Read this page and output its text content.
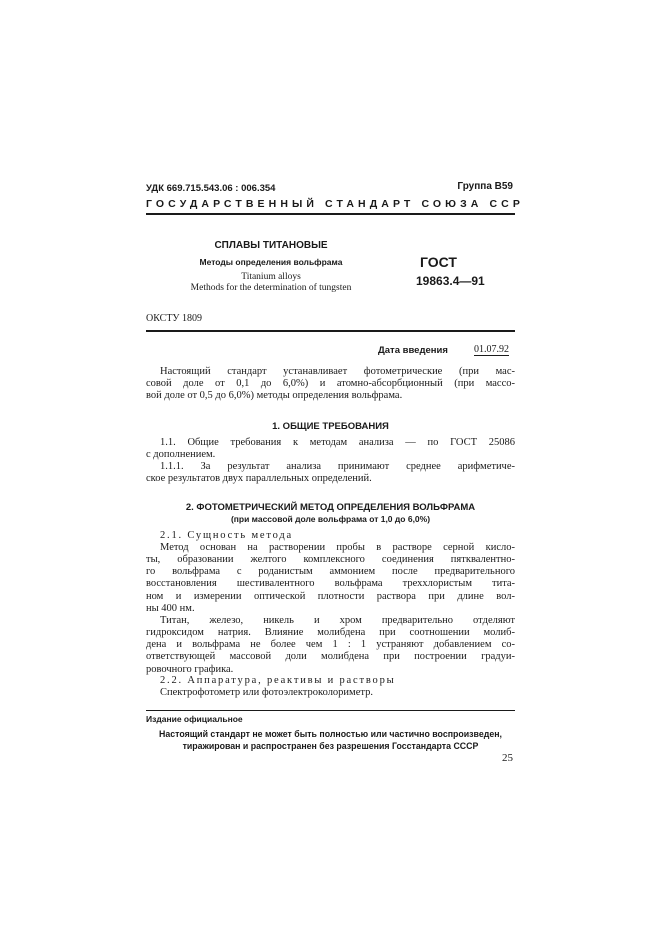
УДК 669.715.543.06 : 006.354	Группа В59
ГОСУДАРСТВЕННЫЙ СТАНДАРТ СОЮЗА ССР
СПЛАВЫ ТИТАНОВЫЕ
Методы определения вольфрама
Titanium alloys
Methods for the determination of tungsten
ГОСТ
19863.4—91
ОКСТУ 1809
Дата введения	01.07.92
Настоящий стандарт устанавливает фотометрические (при мас-
совой доле от 0,1 до 6,0%) и атомно-абсорбционный (при массо-
вой доле от 0,5 до 6,0%) методы определения вольфрама.
1. ОБЩИЕ ТРЕБОВАНИЯ
1.1. Общие требования к методам анализа — по ГОСТ 25086
с дополнением.
1.1.1. За результат анализа принимают среднее арифметиче-
ское результатов двух параллельных определений.
2. ФОТОМЕТРИЧЕСКИЙ МЕТОД ОПРЕДЕЛЕНИЯ ВОЛЬФРАМА
(при массовой доле вольфрама от 1,0 до 6,0%)
2.1. Сущность метода
Метод основан на растворении пробы в растворе серной кисло-
ты, образовании желтого комплексного соединения пятквалентно-
го вольфрама с роданистым аммонием после предварительного
восстановления шестивалентного вольфрама треххлористым титa-
ном и измерении оптической плотности раствора при длине вол-
ны 400 нм.
Титан, железо, никель и хром предварительно отделяют
гидроксидом натрия. Влияние молибдена при соотношении молиб-
дена и вольфрама не более чем 1 : 1 устраняют добавлением со-
ответствующей массовой доли молибдена при построении градуи-
ровочного графика.
2.2. Аппаратура, реактивы и растворы
Спектрофотометр или фотоэлектроколориметр.
Издание официальное
Настоящий стандарт не может быть полностью или частично воспроизведен,
тиражирован и распространен без разрешения Госстандарта СССР
25
